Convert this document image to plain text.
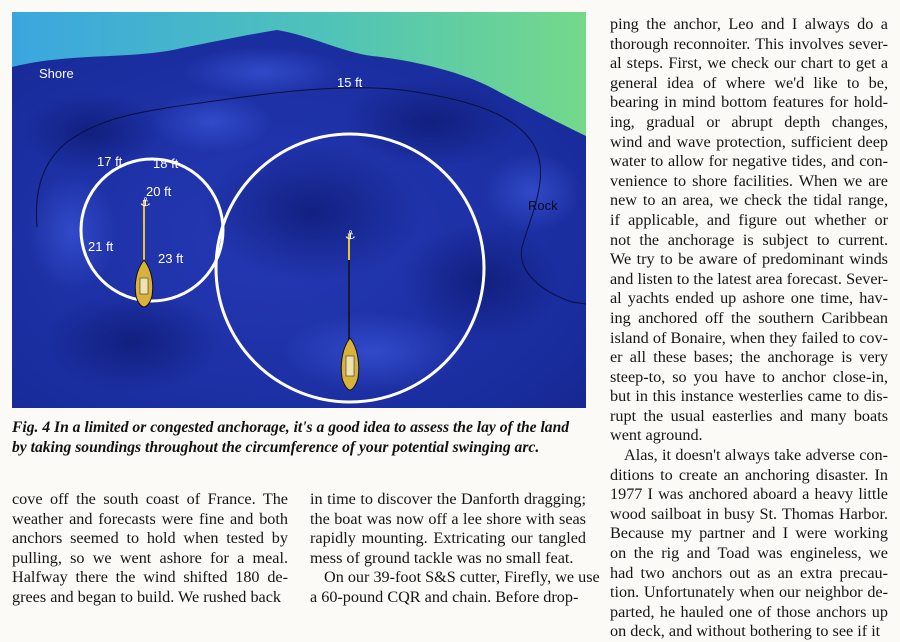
⚓
⚓
Shore
Rock
15 ft
17 ft 18 ft
20 ft
21 ft
23 ft
Fig. 4 In a limited or congested anchorage, it's a good idea to assess the lay of the land by taking soundings throughout the circumference of your potential swinging arc.
cove off the south coast of France. The
weather and forecasts were fine and both
anchors seemed to hold when tested by
pulling, so we went ashore for a meal.
Halfway there the wind shifted 180 de-
grees and began to build. We rushed back
in time to discover the Danforth dragging;
the boat was now off a lee shore with seas
rapidly mounting. Extricating our tangled
mess of ground tackle was no small feat.
On our 39-foot S&S cutter, Firefly, we use
a 60-pound CQR and chain. Before drop-
ping the anchor, Leo and I always do a
thorough reconnoiter. This involves sever-
al steps. First, we check our chart to get a
general idea of where we'd like to be,
bearing in mind bottom features for hold-
ing, gradual or abrupt depth changes,
wind and wave protection, sufficient deep
water to allow for negative tides, and con-
venience to shore facilities. When we are
new to an area, we check the tidal range,
if applicable, and figure out whether or
not the anchorage is subject to current.
We try to be aware of predominant winds
and listen to the latest area forecast. Sever-
al yachts ended up ashore one time, hav-
ing anchored off the southern Caribbean
island of Bonaire, when they failed to cov-
er all these bases; the anchorage is very
steep-to, so you have to anchor close-in,
but in this instance westerlies came to dis-
rupt the usual easterlies and many boats
went aground.
Alas, it doesn't always take adverse con-
ditions to create an anchoring disaster. In
1977 I was anchored aboard a heavy little
wood sailboat in busy St. Thomas Harbor.
Because my partner and I were working
on the rig and Toad was engineless, we
had two anchors out as an extra precau-
tion. Unfortunately when our neighbor de-
parted, he hauled one of those anchors up
on deck, and without bothering to see if it
